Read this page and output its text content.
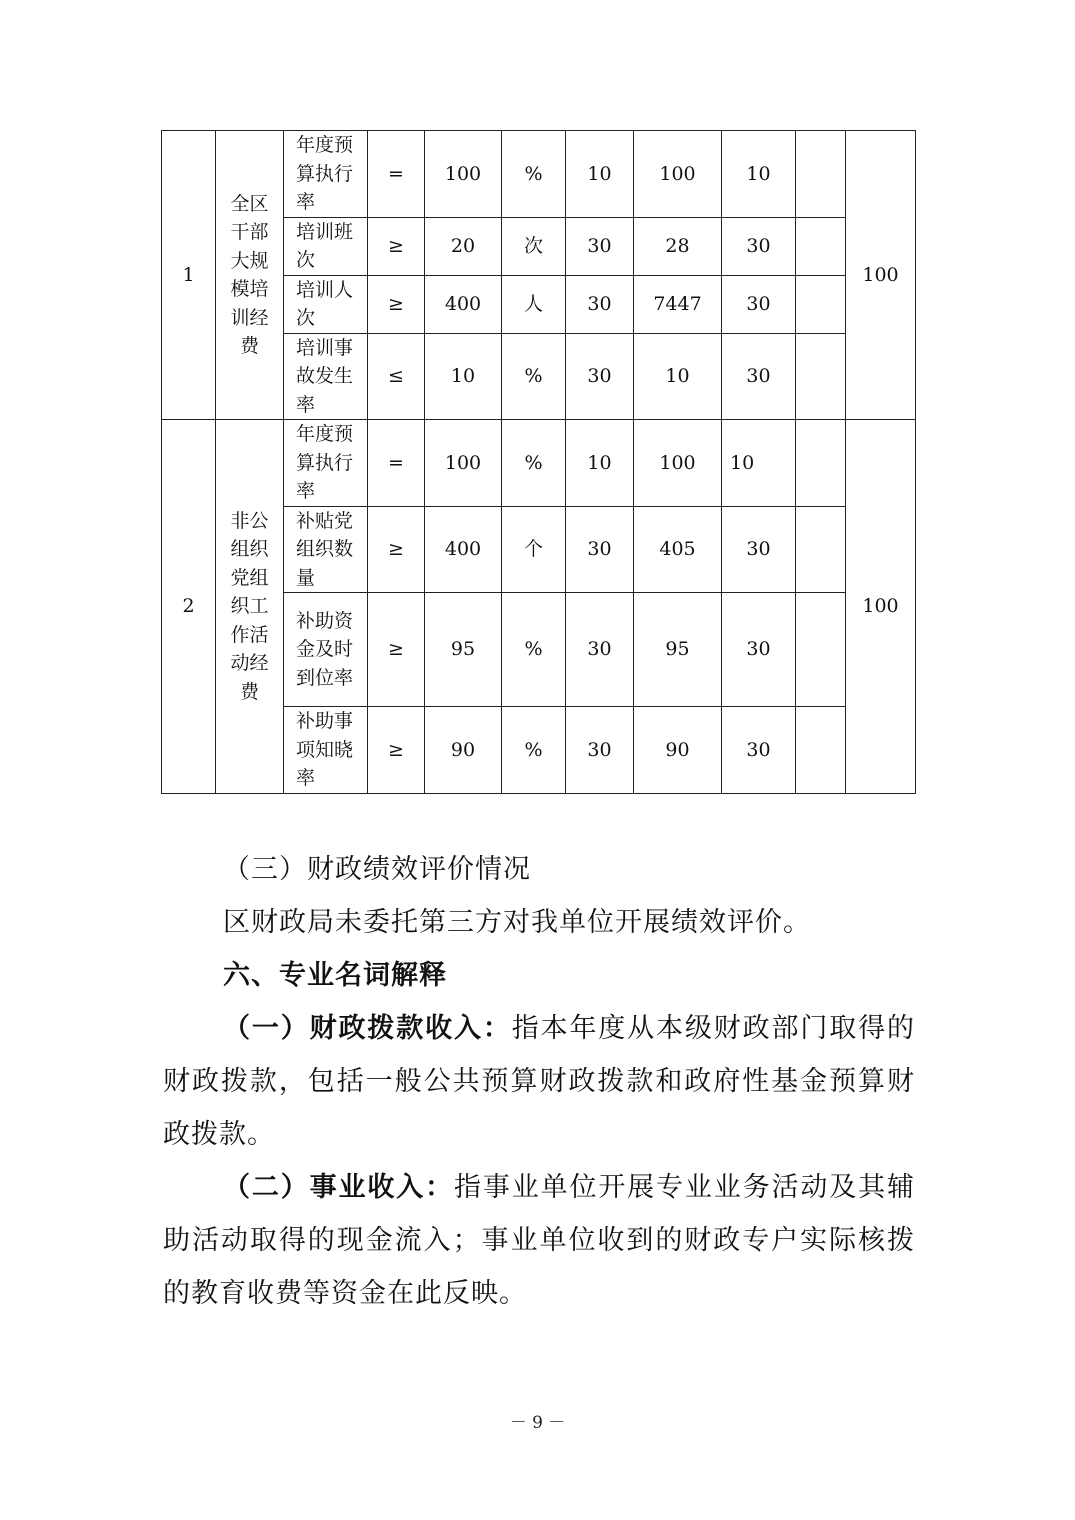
1	全区干部大规模培训经费	年度预算执行率	=	100	%	10	100	10		100

		培训班次	≥	20	次	30	28	30		

		培训人次	≥	400	人	30	7447	30		

		培训事故发生率	≤	10	%	30	10	30		
2	非公组织党组织工作活动经费	年度预算执行率	=	100	%	10	100	10		100

		补贴党组织数量	≥	400	个	30	405	30		

		补助资金及时到位率	≥	95	%	30	95	30		

		补助事项知晓率	≥	90	%	30	90	30		

（三）财政绩效评价情况

区财政局未委托第三方对我单位开展绩效评价。

六、专业名词解释

（一）财政拨款收入：指本年度从本级财政部门取得的财政拨款，包括一般公共预算财政拨款和政府性基金预算财政拨款。

（二）事业收入：指事业单位开展专业业务活动及其辅助活动取得的现金流入；事业单位收到的财政专户实际核拨的教育收费等资金在此反映。

－ 9 －
